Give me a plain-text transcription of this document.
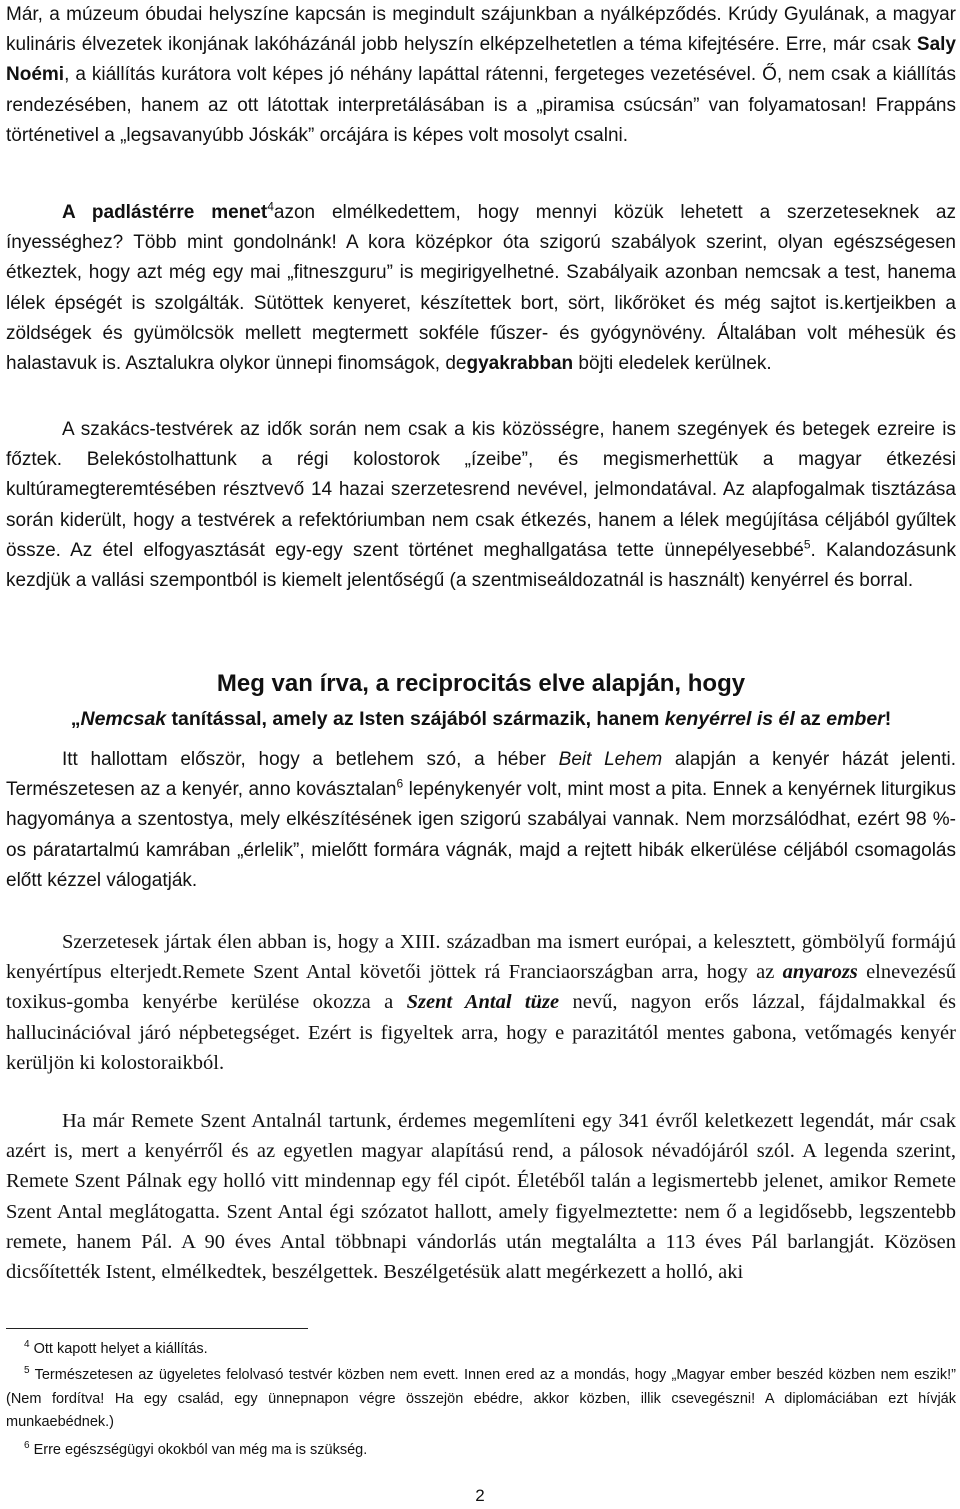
Már, a múzeum óbudai helyszíne kapcsán is megindult szájunkban a nyálképződés. Krúdy Gyulának, a magyar kulináris élvezetek ikonjának lakóházánál jobb helyszín elképzelhetetlen a téma kifejtésére. Erre, már csak Saly Noémi, a kiállítás kurátora volt képes jó néhány lapáttal rátenni, fergeteges vezetésével. Ő, nem csak a kiállítás rendezésében, hanem az ott látottak interpretálásában is a „piramisa csúcsán” van folyamatosan! Frappáns történetivel a „legsavanyúbb Jóskák” orcájára is képes volt mosolyt csalni.
A padlástérre menet$^4$azon elmélkedettem, hogy mennyi közük lehetett a szerzeteseknek az ínyességhez? Több mint gondolnánk! A kora középkor óta szigorú szabályok szerint, olyan egészségesen étkeztek, hogy azt még egy mai „fitneszguru” is megirigyelhetné. Szabályaik azonban nemcsak a test, hanema lélek épségét is szolgálták. Sütöttek kenyeret, készítettek bort, sört, likőröket és még sajtot is.kertjeikben a zöldségek és gyümölcsök mellett megtermett sokféle fűszer- és gyógynövény. Általában volt méhesük és halastavuk is. Asztalukra olykor ünnepi finomságok, degyakrabban böjti eledelek kerülnek.
A szakács-testvérek az idők során nem csak a kis közösségre, hanem szegények és betegek ezreire is főztek. Belekóstolhattunk a régi kolostorok „ízeibe”, és megismerhettük a magyar étkezési kultúramegteremtésében résztvevő 14 hazai szerzetesrend nevével, jelmondatával. Az alapfogalmak tisztázása során kiderült, hogy a testvérek a refektóriumban nem csak étkezés, hanem a lélek megújítása céljából gyűltek össze. Az étel elfogyasztását egy-egy szent történet meghallgatása tette ünnepélyesebbé$^5$. Kalandozásunk kezdjük a vallási szempontból is kiemelt jelentőségű (a szentmiseáldozatnál is használt) kenyérrel és borral.
Meg van írva, a reciprocitás elve alapján, hogy
„Nemcsak tanítással, amely az Isten szájából származik, hanem kenyérrel is él az ember!
Itt hallottam először, hogy a betlehem szó, a héber Beit Lehem alapján a kenyér házát jelenti. Természetesen az a kenyér, anno kovásztalan$^6$ lepénykenyér volt, mint most a pita. Ennek a kenyérnek liturgikus hagyománya a szentostya, mely elkészítésének igen szigorú szabályai vannak. Nem morzsálódhat, ezért 98 %-os páratartalmú kamrában „érlelik”, mielőtt formára vágnák, majd a rejtett hibák elkerülése céljából csomagolás előtt kézzel válogatják.
Szerzetesek jártak élen abban is, hogy a XIII. században ma ismert európai, a kelesztett, gömbölyű formájú kenyértípus elterjedt.Remete Szent Antal követői jöttek rá Franciaországban arra, hogy az anyarozs elnevezésű toxikus-gomba kenyérbe kerülése okozza a Szent Antal tüze nevű, nagyon erős lázzal, fájdalmakkal és hallucinációval járó népbetegséget. Ezért is figyeltek arra, hogy e parazitától mentes gabona, vetőmagés kenyér kerüljön ki kolostoraikból.
Ha már Remete Szent Antalnál tartunk, érdemes megemlíteni egy 341 évről keletkezett legendát, már csak azért is, mert a kenyérről és az egyetlen magyar alapítású rend, a pálosok névadójáról szól. A legenda szerint, Remete Szent Pálnak egy holló vitt mindennap egy fél cipót. Életéből talán a legismertebb jelenet, amikor Remete Szent Antal meglátogatta. Szent Antal égi szózatot hallott, amely figyelmeztette: nem ő a legidősebb, legszentebb remete, hanem Pál. A 90 éves Antal többnapi vándorlás után megtalálta a 113 éves Pál barlangját. Közösen dicsőítették Istent, elmélkedtek, beszélgettek. Beszélgetésük alatt megérkezett a holló, aki
$^4$ Ott kapott helyet a kiállítás.
$^5$ Természetesen az ügyeletes felolvasó testvér közben nem evett. Innen ered az a mondás, hogy „Magyar ember beszéd közben nem eszik!” (Nem fordítva! Ha egy család, egy ünnepnapon végre összejön ebédre, akkor közben, illik csevegészni! A diplomáciában ezt hívják munkaebédnek.)
$^6$ Erre egészségügyi okokból van még ma is szükség.
2
